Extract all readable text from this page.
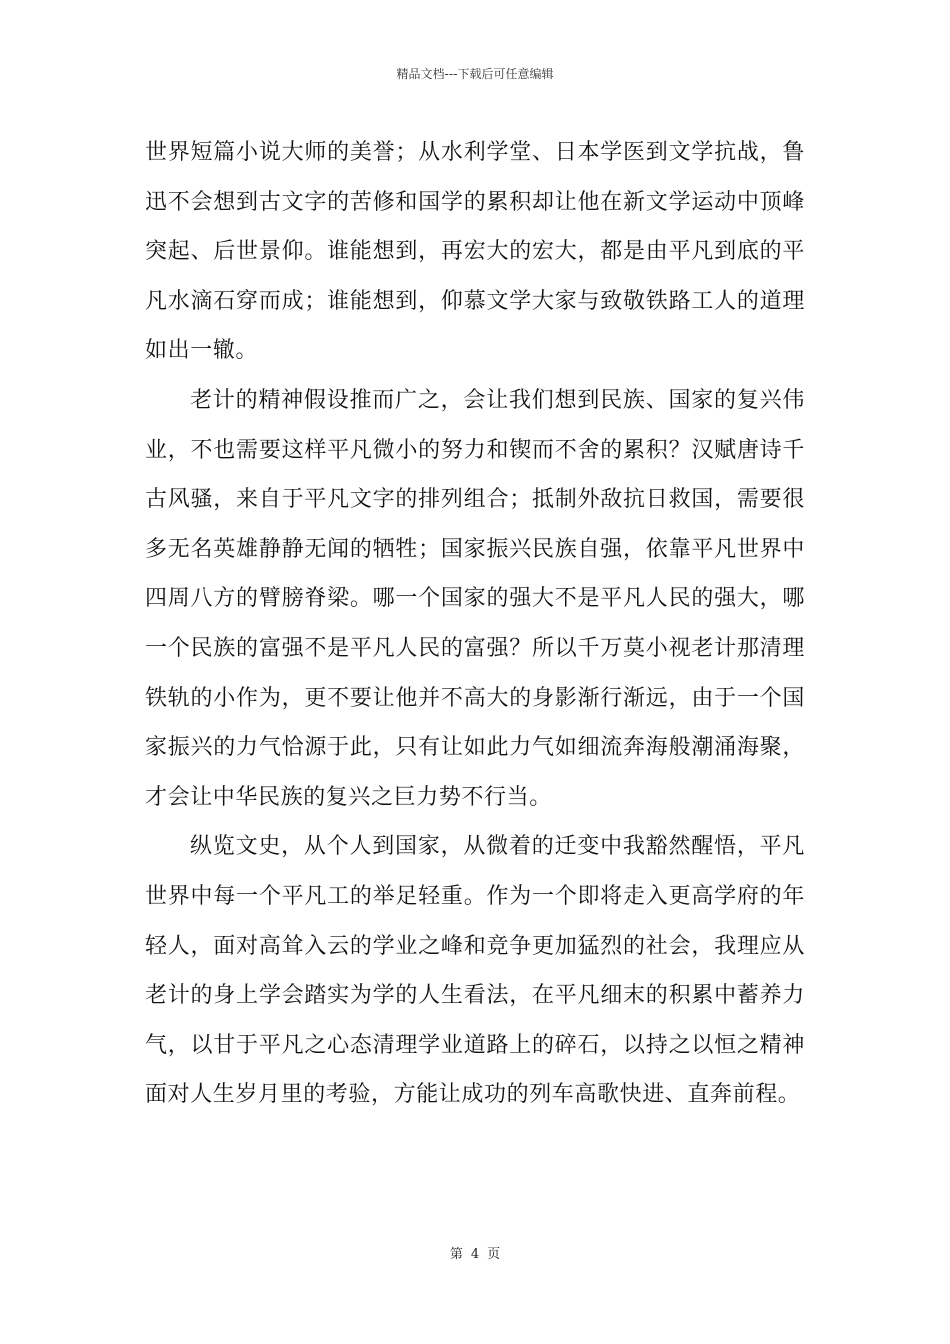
精品文档---下载后可任意编辑

世界短篇小说大师的美誉；从水利学堂、日本学医到文学抗战，鲁迅不会想到古文字的苦修和国学的累积却让他在新文学运动中顶峰突起、后世景仰。谁能想到，再宏大的宏大，都是由平凡到底的平凡水滴石穿而成；谁能想到，仰慕文学大家与致敬铁路工人的道理如出一辙。

老计的精神假设推而广之，会让我们想到民族、国家的复兴伟业，不也需要这样平凡微小的努力和锲而不舍的累积？汉赋唐诗千古风骚，来自于平凡文字的排列组合；抵制外敌抗日救国，需要很多无名英雄静静无闻的牺牲；国家振兴民族自强，依靠平凡世界中四周八方的臂膀脊梁。哪一个国家的强大不是平凡人民的强大，哪一个民族的富强不是平凡人民的富强？所以千万莫小视老计那清理铁轨的小作为，更不要让他并不高大的身影渐行渐远，由于一个国家振兴的力气恰源于此，只有让如此力气如细流奔海般潮涌海聚，才会让中华民族的复兴之巨力势不行当。

纵览文史，从个人到国家，从微着的迁变中我豁然醒悟，平凡世界中每一个平凡工的举足轻重。作为一个即将走入更高学府的年轻人，面对高耸入云的学业之峰和竞争更加猛烈的社会，我理应从老计的身上学会踏实为学的人生看法，在平凡细末的积累中蓄养力气，以甘于平凡之心态清理学业道路上的碎石，以持之以恒之精神面对人生岁月里的考验，方能让成功的列车高歌快进、直奔前程。

第 4 页
